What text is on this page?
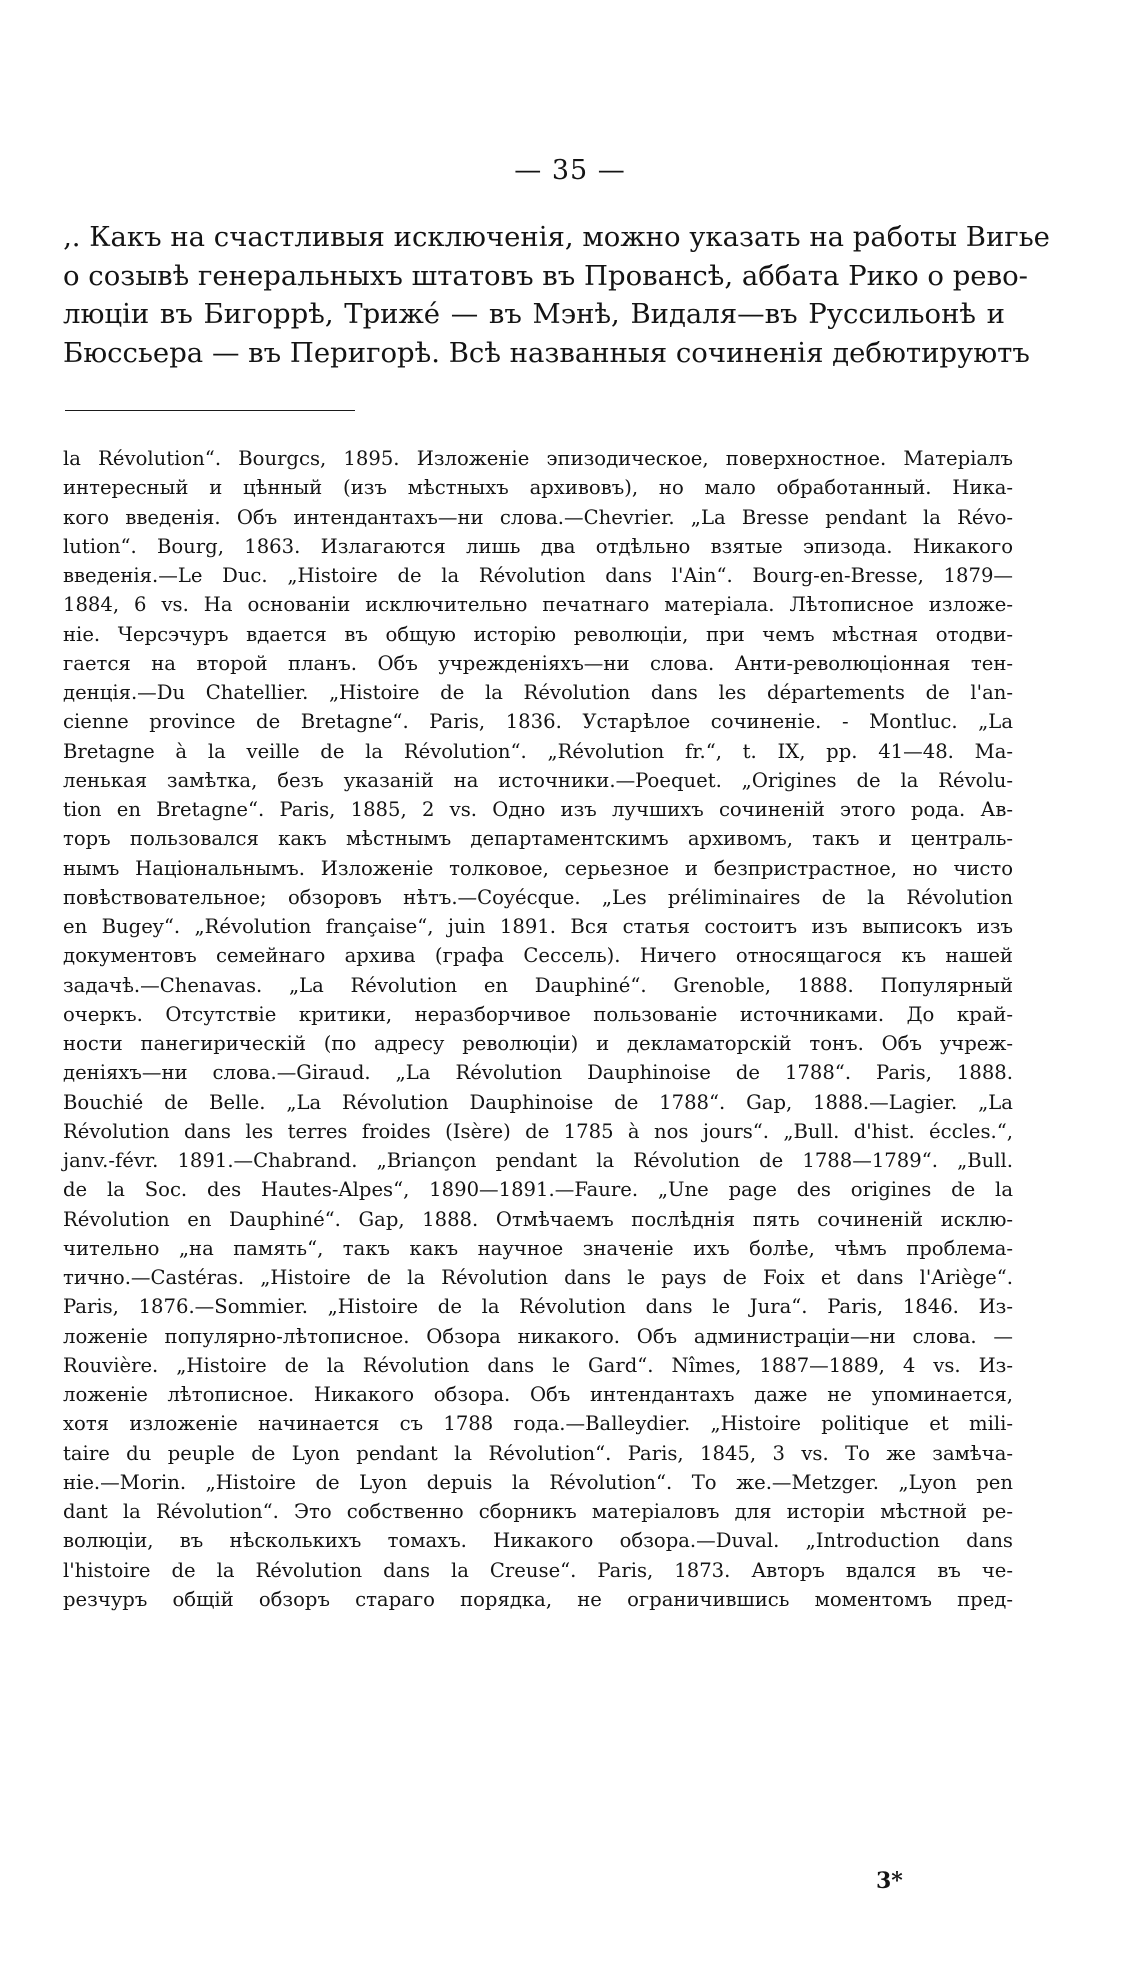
— 35 —
‚. Какъ на счастливыя исключенія, можно указать на работы Вигье
о созывѣ генеральныхъ штатовъ въ Провансѣ, аббата Рико о рево-
люціи въ Бигоррѣ, Трижé — въ Мэнѣ, Видаля—въ Руссильонѣ и
Бюссьера — въ Перигорѣ. Всѣ названныя сочиненія дебютируютъ
la Révolution“. Bourgcs, 1895. Изложеніе эпизодическое, поверхностное. Матеріалъ
интересный и цѣнный (изъ мѣстныхъ архивовъ), но мало обработанный. Ника-
кого введенія. Объ интендантахъ—ни слова.—Chevrier. „La Bresse pendant la Révo-
lution“. Bourg, 1863. Излагаются лишь два отдѣльно взятые эпизода. Никакого
введенія.—Le Duc. „Histoire de la Révolution dans l'Ain“. Bourg-en-Bresse, 1879—
1884, 6 vs. На основаніи исключительно печатнаго матеріала. Лѣтописное изложе-
ніе. Черсэчуръ вдается въ общую исторію революціи, при чемъ мѣстная отодви-
гается на второй планъ. Объ учрежденіяхъ—ни слова. Анти-революціонная тен-
денція.—Du Chatellier. „Histoire de la Révolution dans les départements de l'an-
cienne province de Bretagne“. Paris, 1836. Устарѣлое сочиненіе. - Montluc. „La
Bretagne à la veille de la Révolution“. „Révolution fr.“, t. IX, pp. 41—48. Ма-
ленькая замѣтка, безъ указаній на источники.—Poequet. „Origines de la Révolu-
tion en Bretagne“. Paris, 1885, 2 vs. Одно изъ лучшихъ сочиненій этого рода. Ав-
торъ пользовался какъ мѣстнымъ департаментскимъ архивомъ, такъ и централь-
нымъ Національнымъ. Изложеніе толковое, серьезное и безпристрастное, но чисто
повѣствовательное; обзоровъ нѣтъ.—Coyécque. „Les préliminaires de la Révolution
en Bugey“. „Révolution française“, juin 1891. Вся статья состоитъ изъ выписокъ изъ
документовъ семейнаго архива (графа Сессель). Ничего относящагося къ нашей
задачѣ.—Chenavas. „La Révolution en Dauphiné“. Grenoble, 1888. Популярный
очеркъ. Отсутствіе критики, неразборчивое пользованіе источниками. До край-
ности панегирическій (по адресу революціи) и декламаторскій тонъ. Объ учреж-
деніяхъ—ни слова.—Giraud. „La Révolution Dauphinoise de 1788“. Paris, 1888.
Bouchié de Belle. „La Révolution Dauphinoise de 1788“. Gap, 1888.—Lagier. „La
Révolution dans les terres froides (Isère) de 1785 à nos jours“. „Bull. d'hist. éccles.“,
janv.-févr. 1891.—Chabrand. „Briançon pendant la Révolution de 1788—1789“. „Bull.
de la Soc. des Hautes-Alpes“, 1890—1891.—Faure. „Une page des origines de la
Révolution en Dauphiné“. Gap, 1888. Отмѣчаемъ послѣднія пять сочиненій исклю-
чительно „на память“, такъ какъ научное значеніе ихъ болѣе, чѣмъ проблема-
тично.—Castéras. „Histoire de la Révolution dans le pays de Foix et dans l'Ariège“.
Paris, 1876.—Sommier. „Histoire de la Révolution dans le Jura“. Paris, 1846. Из-
ложеніе популярно-лѣтописное. Обзора никакого. Объ администраціи—ни слова. —
Rouvière. „Histoire de la Révolution dans le Gard“. Nîmes, 1887—1889, 4 vs. Из-
ложеніе лѣтописное. Никакого обзора. Объ интендантахъ даже не упоминается,
хотя изложеніе начинается съ 1788 года.—Balleydier. „Histoire politique et mili-
taire du peuple de Lyon pendant la Révolution“. Paris, 1845, 3 vs. То же замѣча-
ніе.—Morin. „Histoire de Lyon depuis la Révolution“. То же.—Metzger. „Lyon pen
dant la Révolution“. Это собственно сборникъ матеріаловъ для исторіи мѣстной ре-
волюціи, въ нѣсколькихъ томахъ. Никакого обзора.—Duval. „Introduction dans
l'histoire de la Révolution dans la Creuse“. Paris, 1873. Авторъ вдался въ че-
резчуръ общій обзоръ стараго порядка, не ограничившись моментомъ пред-
3*
